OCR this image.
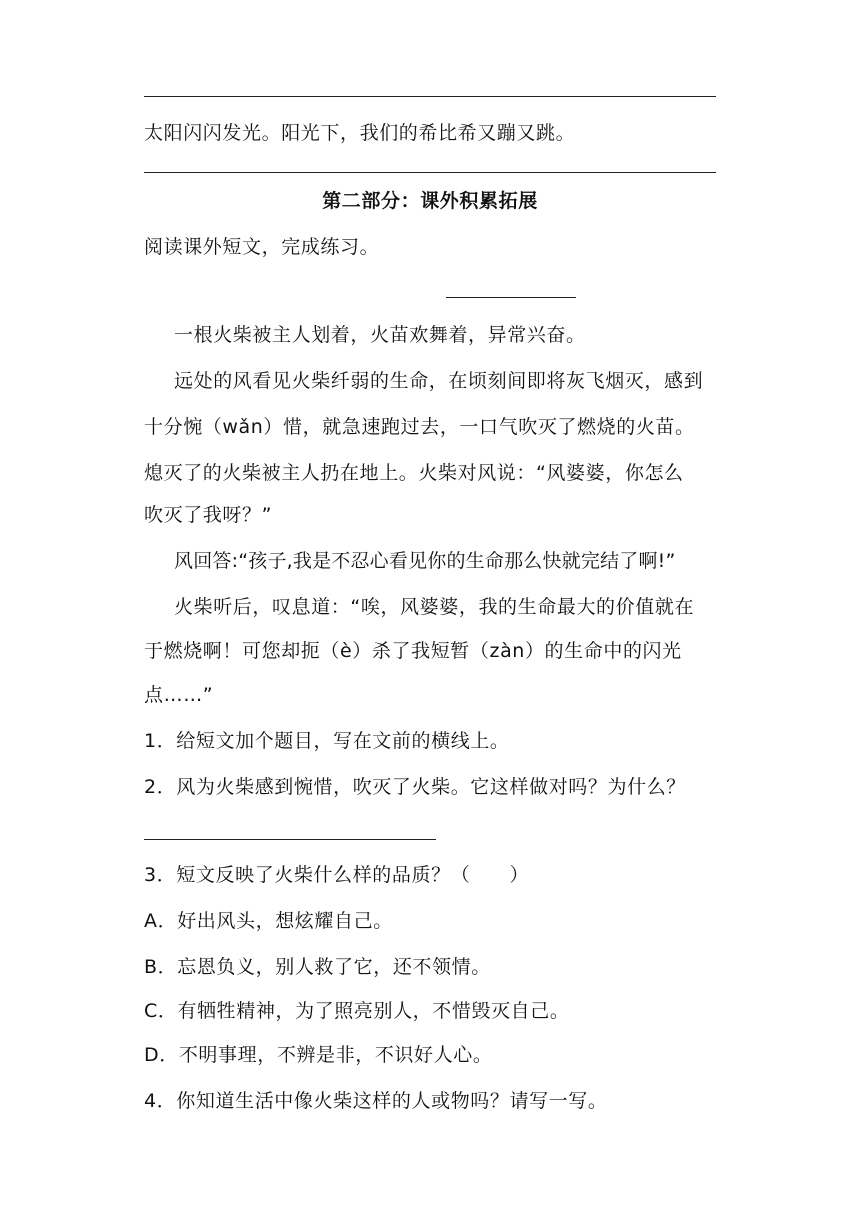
太阳闪闪发光。阳光下，我们的希比希又蹦又跳。
第二部分：课外积累拓展
阅读课外短文，完成练习。
一根火柴被主人划着，火苗欢舞着，异常兴奋。
远处的风看见火柴纤弱的生命，在顷刻间即将灰飞烟灭，感到
十分惋（wǎn）惜，就急速跑过去，一口气吹灭了燃烧的火苗。
熄灭了的火柴被主人扔在地上。火柴对风说：“风婆婆，你怎么
吹灭了我呀？”
风回答:“孩子,我是不忍心看见你的生命那么快就完结了啊!”
火柴听后，叹息道：“唉，风婆婆，我的生命最大的价值就在
于燃烧啊！可您却扼（è）杀了我短暂（zàn）的生命中的闪光
点……”
1．给短文加个题目，写在文前的横线上。
2．风为火柴感到惋惜，吹灭了火柴。它这样做对吗？为什么？
3．短文反映了火柴什么样的品质？（　　）
A．好出风头，想炫耀自己。
B．忘恩负义，别人救了它，还不领情。
C．有牺牲精神，为了照亮别人，不惜毁灭自己。
D．不明事理，不辨是非，不识好人心。
4．你知道生活中像火柴这样的人或物吗？请写一写。
